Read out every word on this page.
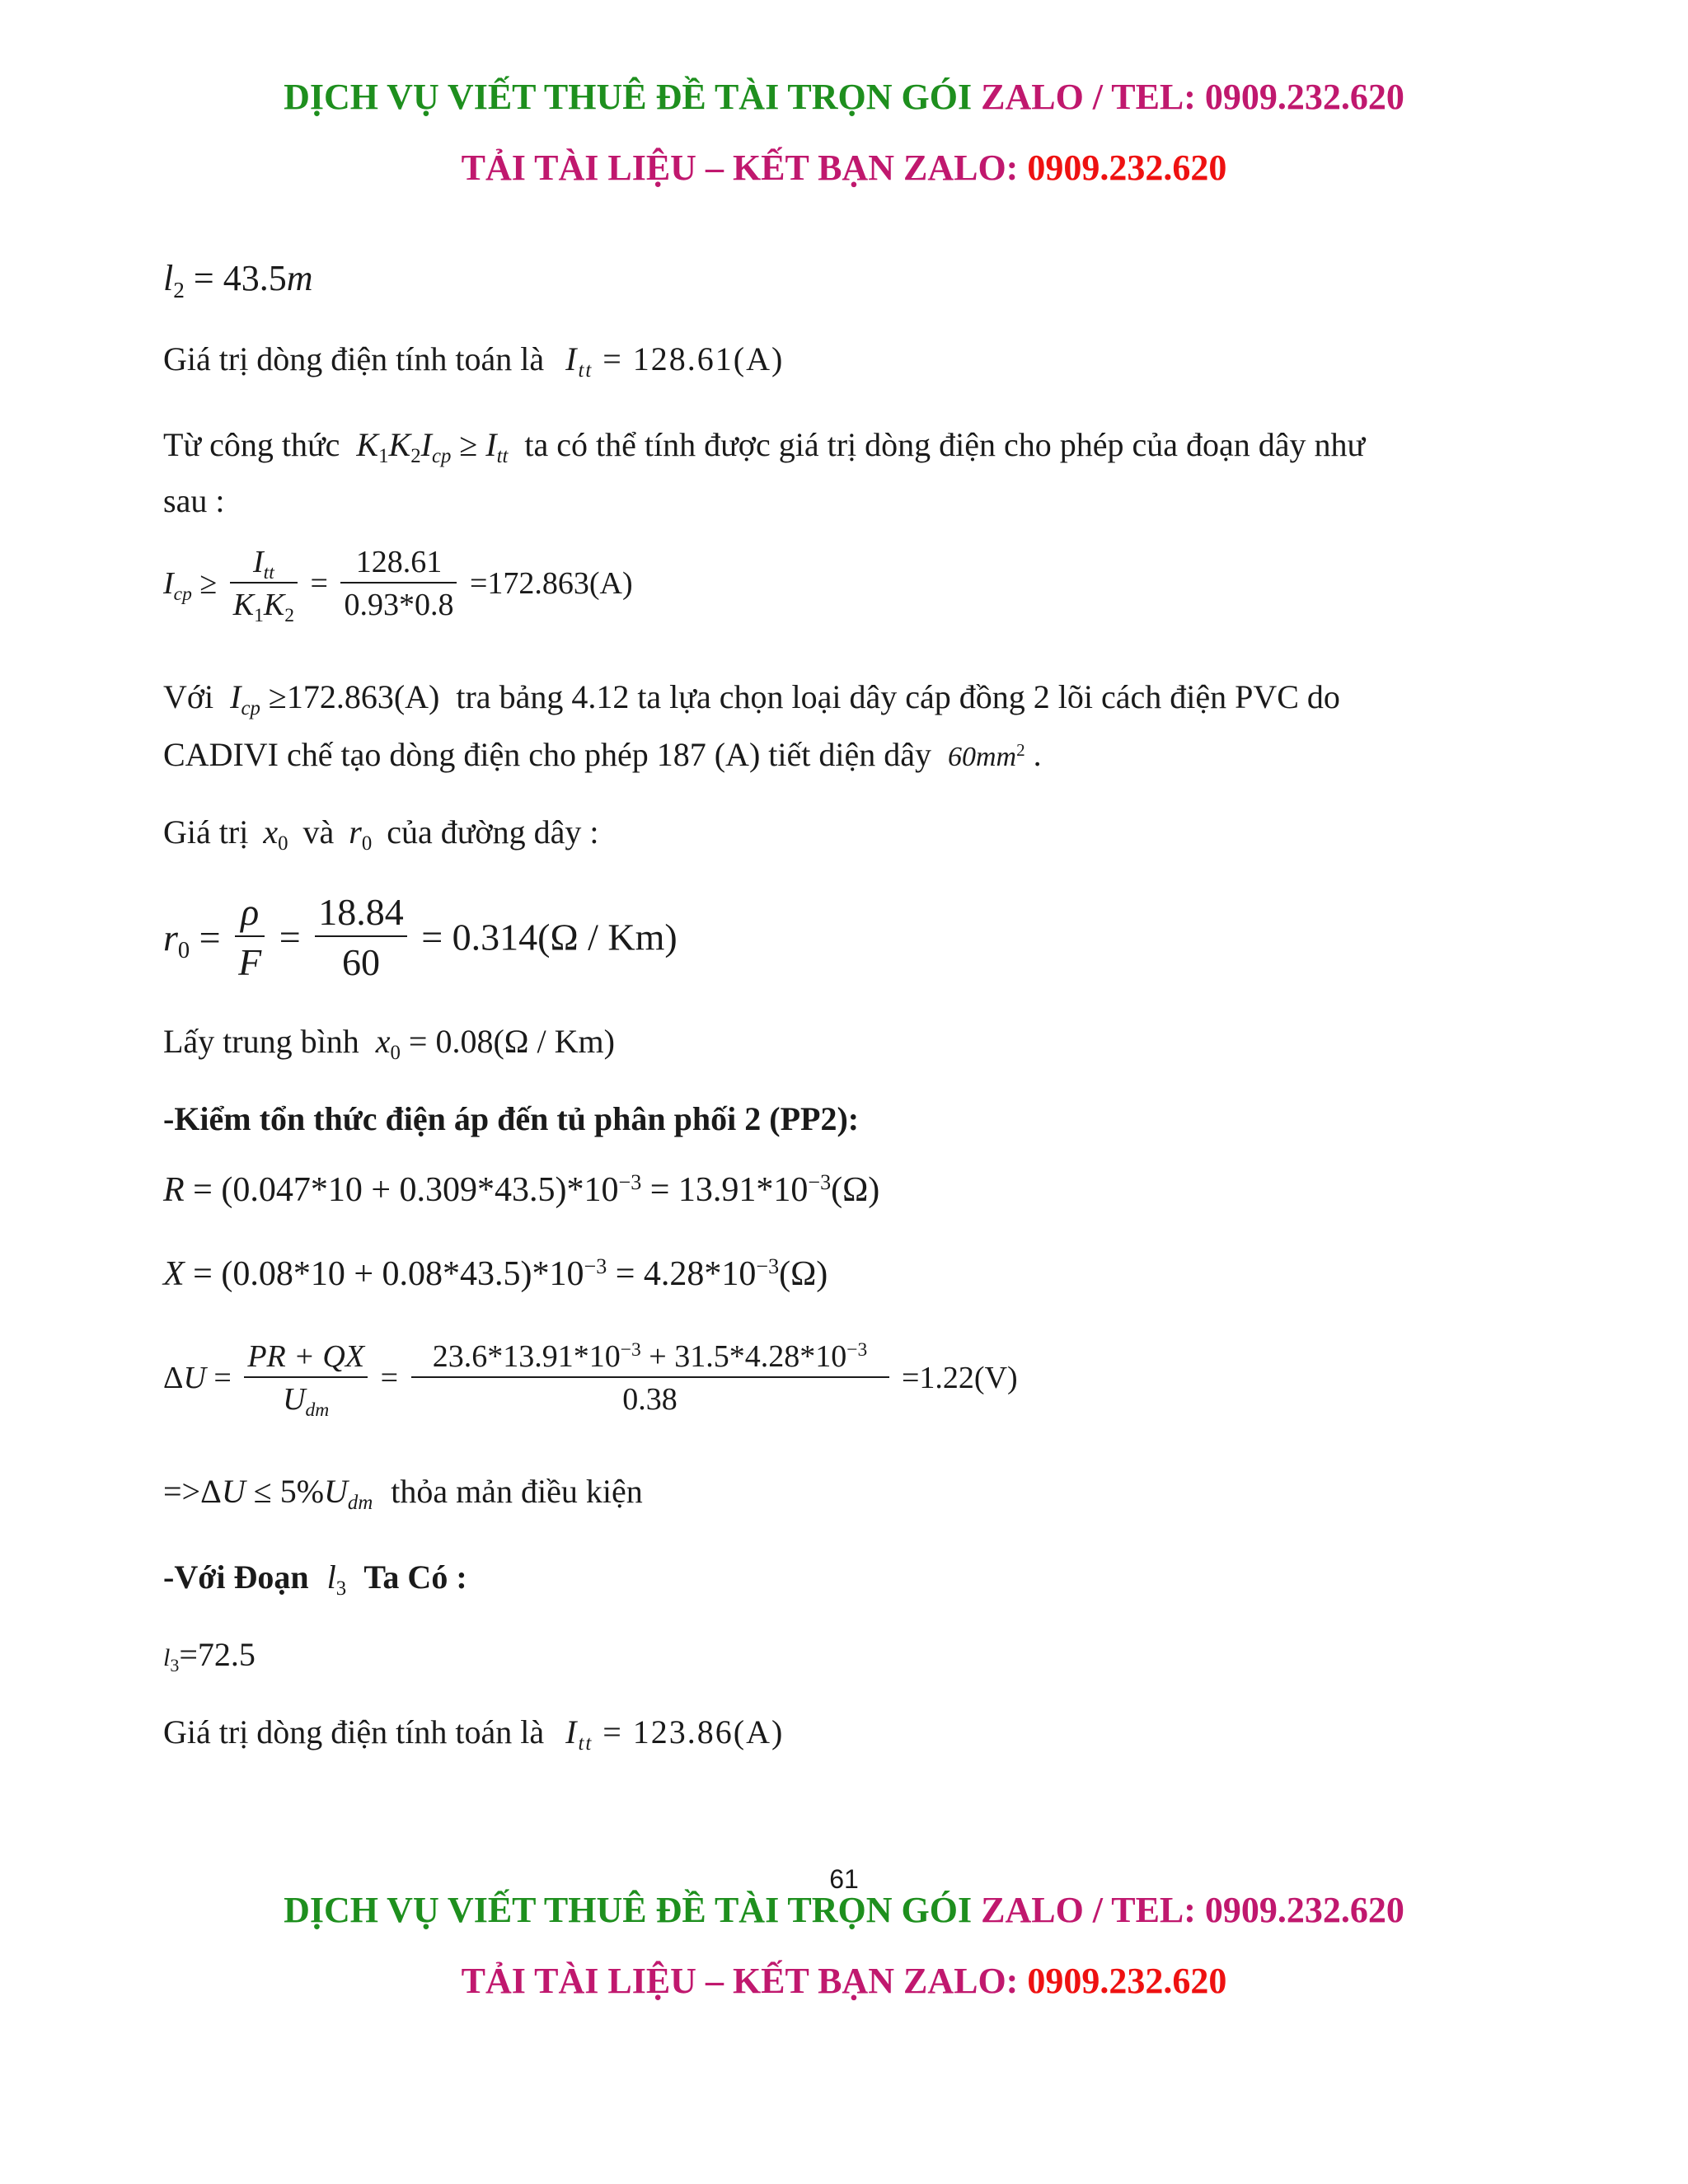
DỊCH VỤ VIẾT THUÊ ĐỀ TÀI TRỌN GÓI ZALO / TEL: 0909.232.620
TẢI TÀI LIỆU – KẾT BẠN ZALO: 0909.232.620
l2 = 43.5m
Giá trị dòng điện tính toán là Itt = 128.61(A)
Từ công thức K1K2Icp ≥ Itt ta có thể tính được giá trị dòng điện cho phép của đoạn dây như
sau :
Icp ≥ $\frac{\text{Itt}}{K1K2} = \frac{128.61}{0.93*0.8} =172.863(A)$
Với Icp ≥172.863(A) tra bảng 4.12 ta lựa chọn loại dây cáp đồng 2 lõi cách điện PVC do
CADIVI chế tạo dòng điện cho phép 187 (A) tiết diện dây $60mm^2$ .
Giá trị x0 và r0 của đường dây :
$r0 = \frac{\rho}{F} = \frac{18.84}{60} = 0.314(\Omega / Km)$
Lấy trung bình x0 = 0.08(Ω / Km)
-Kiểm tổn thức điện áp đến tủ phân phối 2 (PP2):
$R = (0.047*10 + 0.309*43.5)*10^{-3} = 13.91*10^{-3}(\Omega)$
$X = (0.08*10 + 0.08*43.5)*10^{-3} = 4.28*10^{-3}(\Omega)$
$\Delta U = \frac{PR + QX}{\text{Udm}} = \frac{23.6*13.91*10^{-3} + 31.5*4.28*10^{-3}}{0.38} =1.22(V)$
=>ΔU ≤ 5%Udm thỏa mản điều kiện
-Với Đoạn l3 Ta Có :
l3=72.5
Giá trị dòng điện tính toán là Itt = 123.86(A)
61
DỊCH VỤ VIẾT THUÊ ĐỀ TÀI TRỌN GÓI ZALO / TEL: 0909.232.620
TẢI TÀI LIỆU – KẾT BẠN ZALO: 0909.232.620
